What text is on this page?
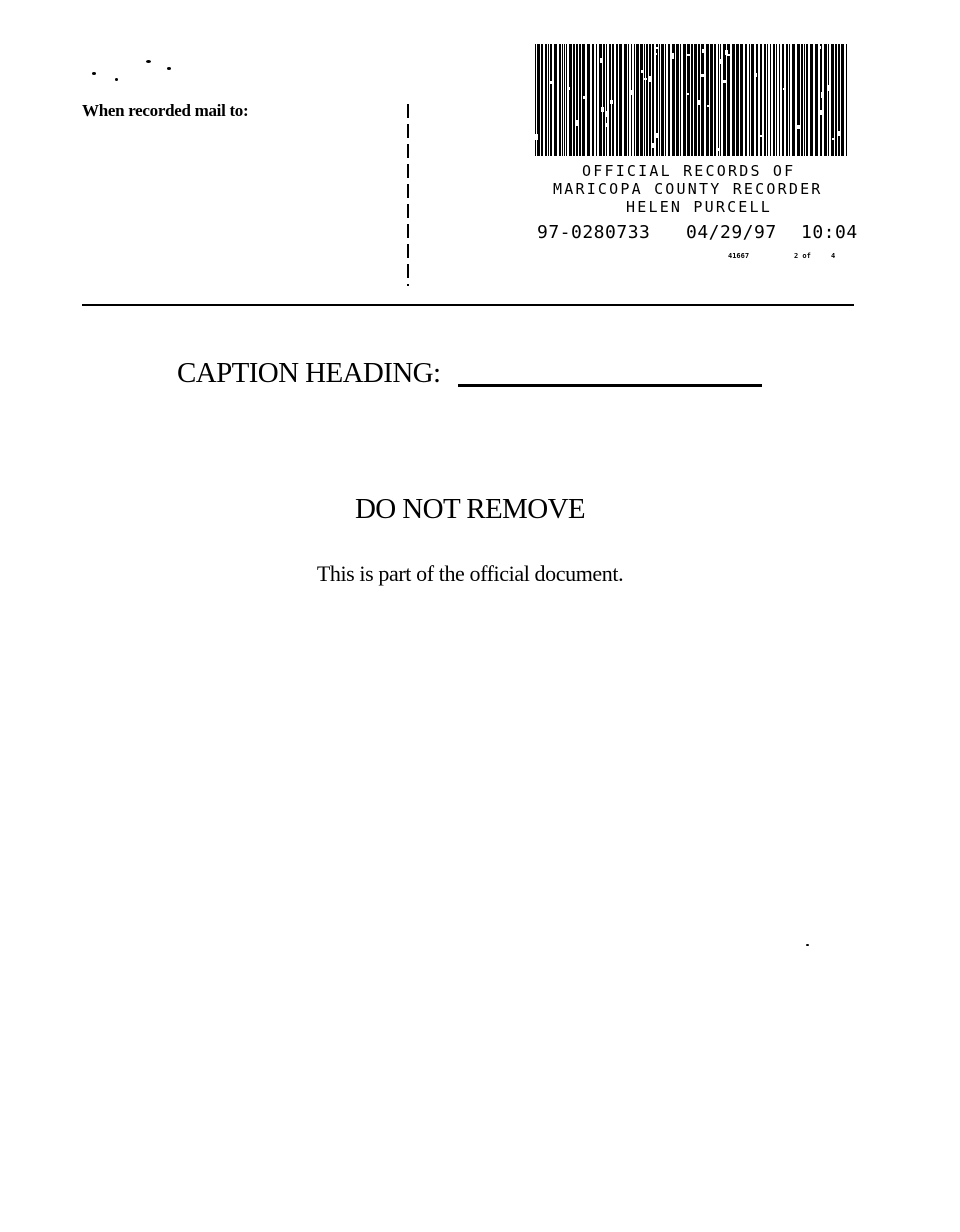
When recorded mail to:
OFFICIAL RECORDS OF
MARICOPA COUNTY RECORDER
HELEN PURCELL
97-0280733 04/29/97 10:04
41667	2 of	4
CAPTION HEADING:
DO NOT REMOVE
This is part of the official document.
